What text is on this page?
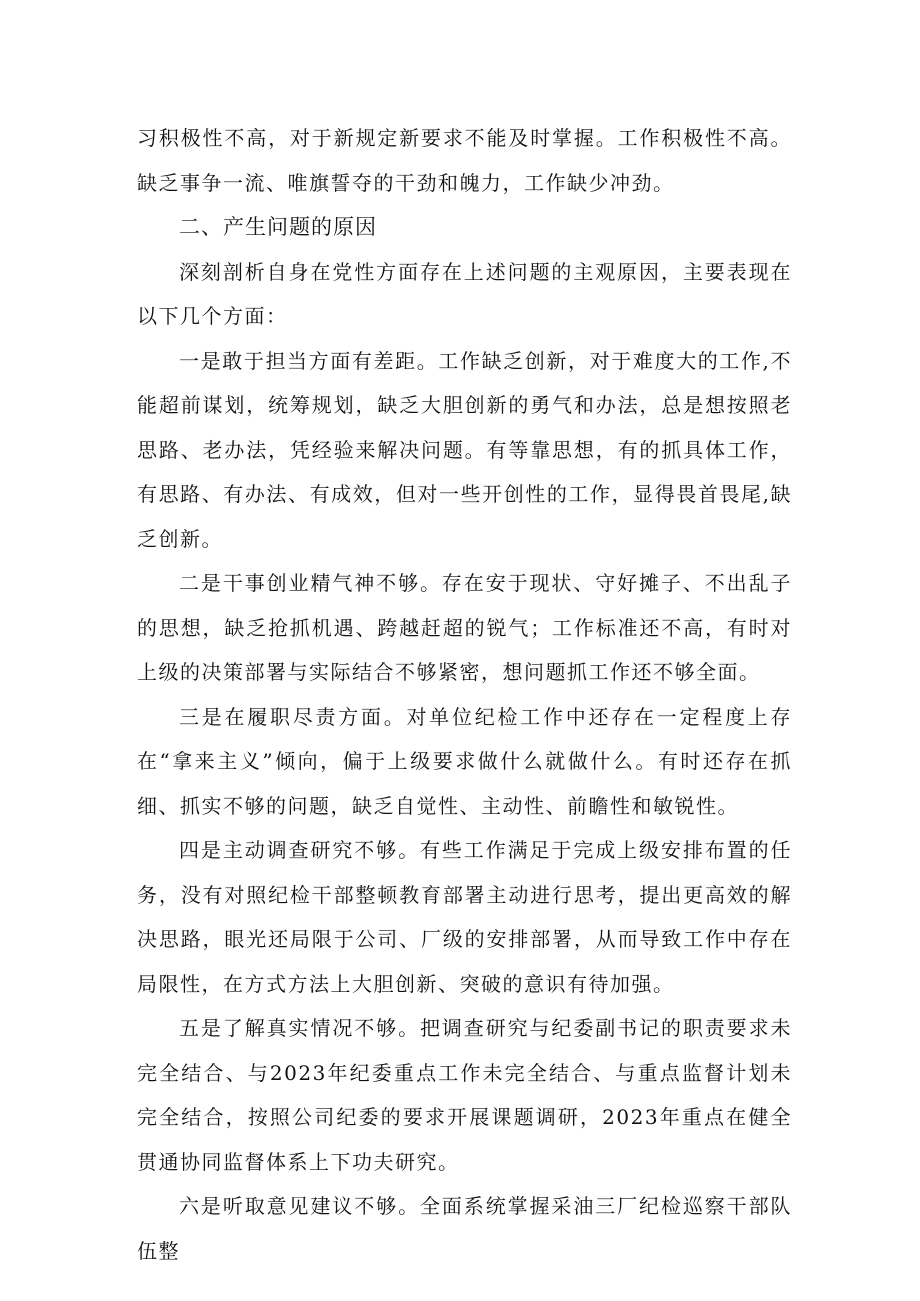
习积极性不高，对于新规定新要求不能及时掌握。工作积极性不高。缺乏事争一流、唯旗誓夺的干劲和魄力，工作缺少冲劲。

二、产生问题的原因

深刻剖析自身在党性方面存在上述问题的主观原因，主要表现在以下几个方面：

一是敢于担当方面有差距。工作缺乏创新，对于难度大的工作,不能超前谋划，统筹规划，缺乏大胆创新的勇气和办法，总是想按照老思路、老办法，凭经验来解决问题。有等靠思想，有的抓具体工作，有思路、有办法、有成效，但对一些开创性的工作，显得畏首畏尾,缺乏创新。

二是干事创业精气神不够。存在安于现状、守好摊子、不出乱子的思想，缺乏抢抓机遇、跨越赶超的锐气；工作标准还不高，有时对上级的决策部署与实际结合不够紧密，想问题抓工作还不够全面。

三是在履职尽责方面。对单位纪检工作中还存在一定程度上存在“拿来主义”倾向，偏于上级要求做什么就做什么。有时还存在抓细、抓实不够的问题，缺乏自觉性、主动性、前瞻性和敏锐性。

四是主动调查研究不够。有些工作满足于完成上级安排布置的任务，没有对照纪检干部整顿教育部署主动进行思考，提出更高效的解决思路，眼光还局限于公司、厂级的安排部署，从而导致工作中存在局限性，在方式方法上大胆创新、突破的意识有待加强。

五是了解真实情况不够。把调查研究与纪委副书记的职责要求未完全结合、与2023年纪委重点工作未完全结合、与重点监督计划未完全结合，按照公司纪委的要求开展课题调研，2023年重点在健全贯通协同监督体系上下功夫研究。

六是听取意见建议不够。全面系统掌握采油三厂纪检巡察干部队伍整
